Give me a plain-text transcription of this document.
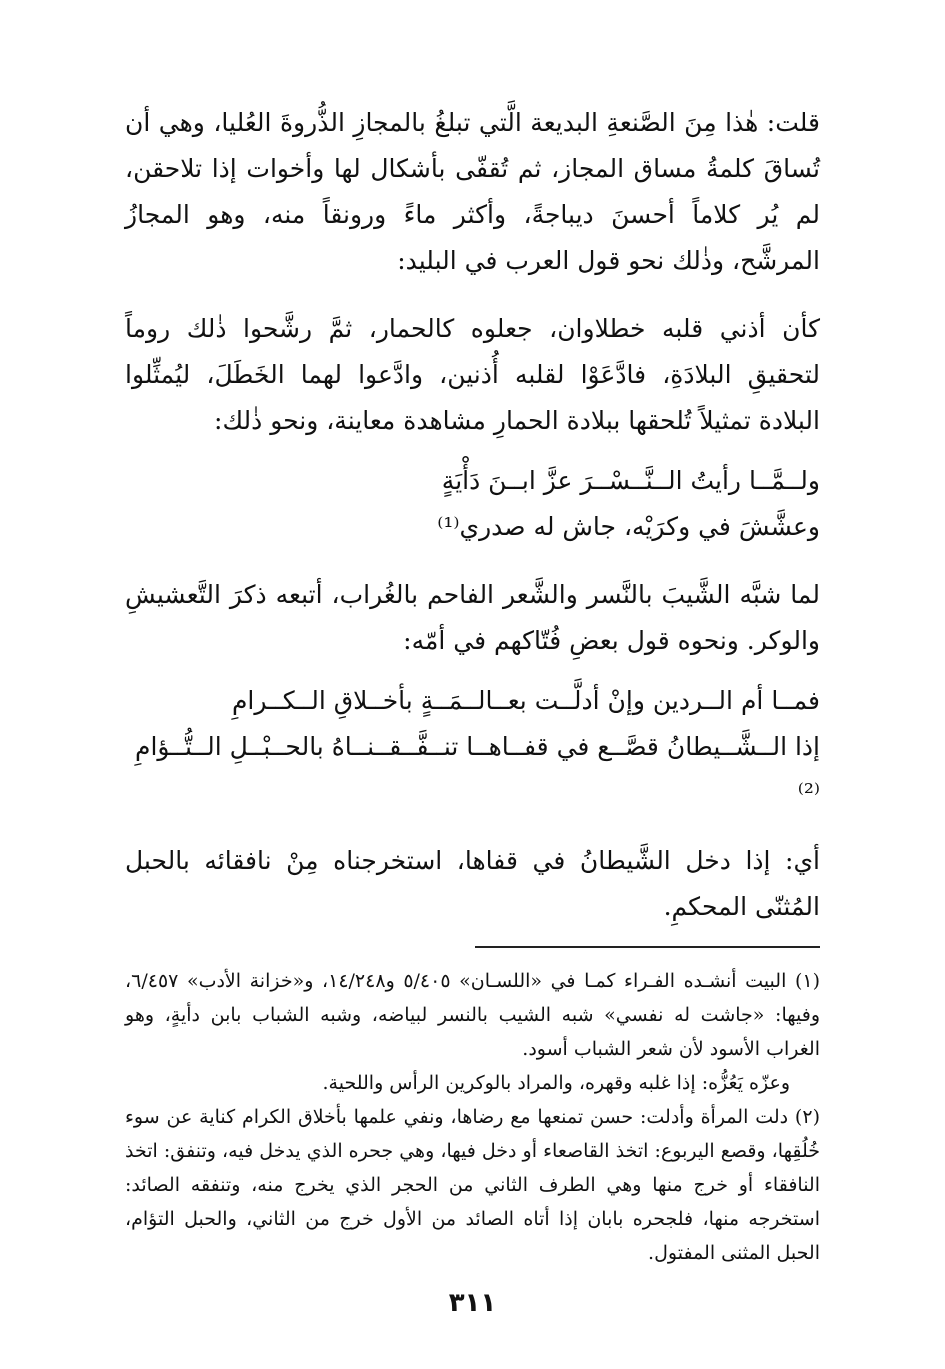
قلت: هٰذا مِنَ الصَّنعةِ البديعة الَّتي تبلغُ بالمجازِ الذُّروةَ العُليا، وهي أن تُساقَ كلمةُ مساق المجاز، ثم تُقفّى بأشكال لها وأخوات إذا تلاحقن، لم يُر كلاماً أحسنَ ديباجةً، وأكثر ماءً ورونقاً منه، وهو المجازُ المرشَّح، وذٰلك نحو قول العرب في البليد:

كأن أذني قلبه خطلاوان، جعلوه كالحمار، ثمَّ رشَّحوا ذٰلك روماً لتحقيقِ البلادَةِ، فادَّعَوْا لقلبه أُذنين، وادَّعوا لهما الخَطَلَ، ليُمثِّلوا البلادة تمثيلاً تُلحقها ببلادة الحمارِ مشاهدة معاينة، ونحو ذٰلك:

ولــمَّــا رأيتُ الــنَّــسْــرَ عزَّ ابــنَ دَأْيَةٍ
وعشَّشَ في وكرَيْه، جاش له صدري⁽¹⁾

لما شبَّه الشَّيبَ بالنَّسر والشَّعر الفاحم بالغُراب، أتبعه ذكرَ التَّعشيشِ والوكر. ونحوه قول بعضِ فُتّاكهم في أمّه:

فمــا أم الــردين وإنْ أدلَّــت بعــالــمَــةٍ بأخــلاقِ الــكــرامِ
إذا الــشَّــيطانُ قصَّــع في قفــاهــا تنــفَّــقــنــاهُ بالحــبْــلِ الــتُّــؤامِ ⁽²⁾

أي: إذا دخل الشَّيطانُ في قفاها، استخرجناه مِنْ نافقائه بالحبل المُثنّى المحكمِ.

(١) البيت أنشـده الفـراء كمـا في «اللسـان» ٥/٤٠٥ و١٤/٢٤٨، و«خزانة الأدب» ٦/٤٥٧، وفيها: «جاشت له نفسي» شبه الشيب بالنسر لبياضه، وشبه الشباب بابن دأيةٍ، وهو الغراب الأسود لأن شعر الشباب أسود.

وعزّه يَعُزُّه: إذا غلبه وقهره، والمراد بالوكرين الرأس واللحية.

(٢) دلت المرأة وأدلت: حسن تمنعها مع رضاها، ونفي علمها بأخلاق الكرام كناية عن سوء خُلُقِها، وقصع اليربوع: اتخذ القاصعاء أو دخل فيها، وهي جحره الذي يدخل فيه، وتنفق: اتخذ النافقاء أو خرج منها وهي الطرف الثاني من الحجر الذي يخرج منه، وتنفقه الصائد: استخرجه منها، فلجحره بابان إذا أتاه الصائد من الأول خرج من الثاني، والحبل التؤام، الحبل المثنى المفتول.

٣١١
